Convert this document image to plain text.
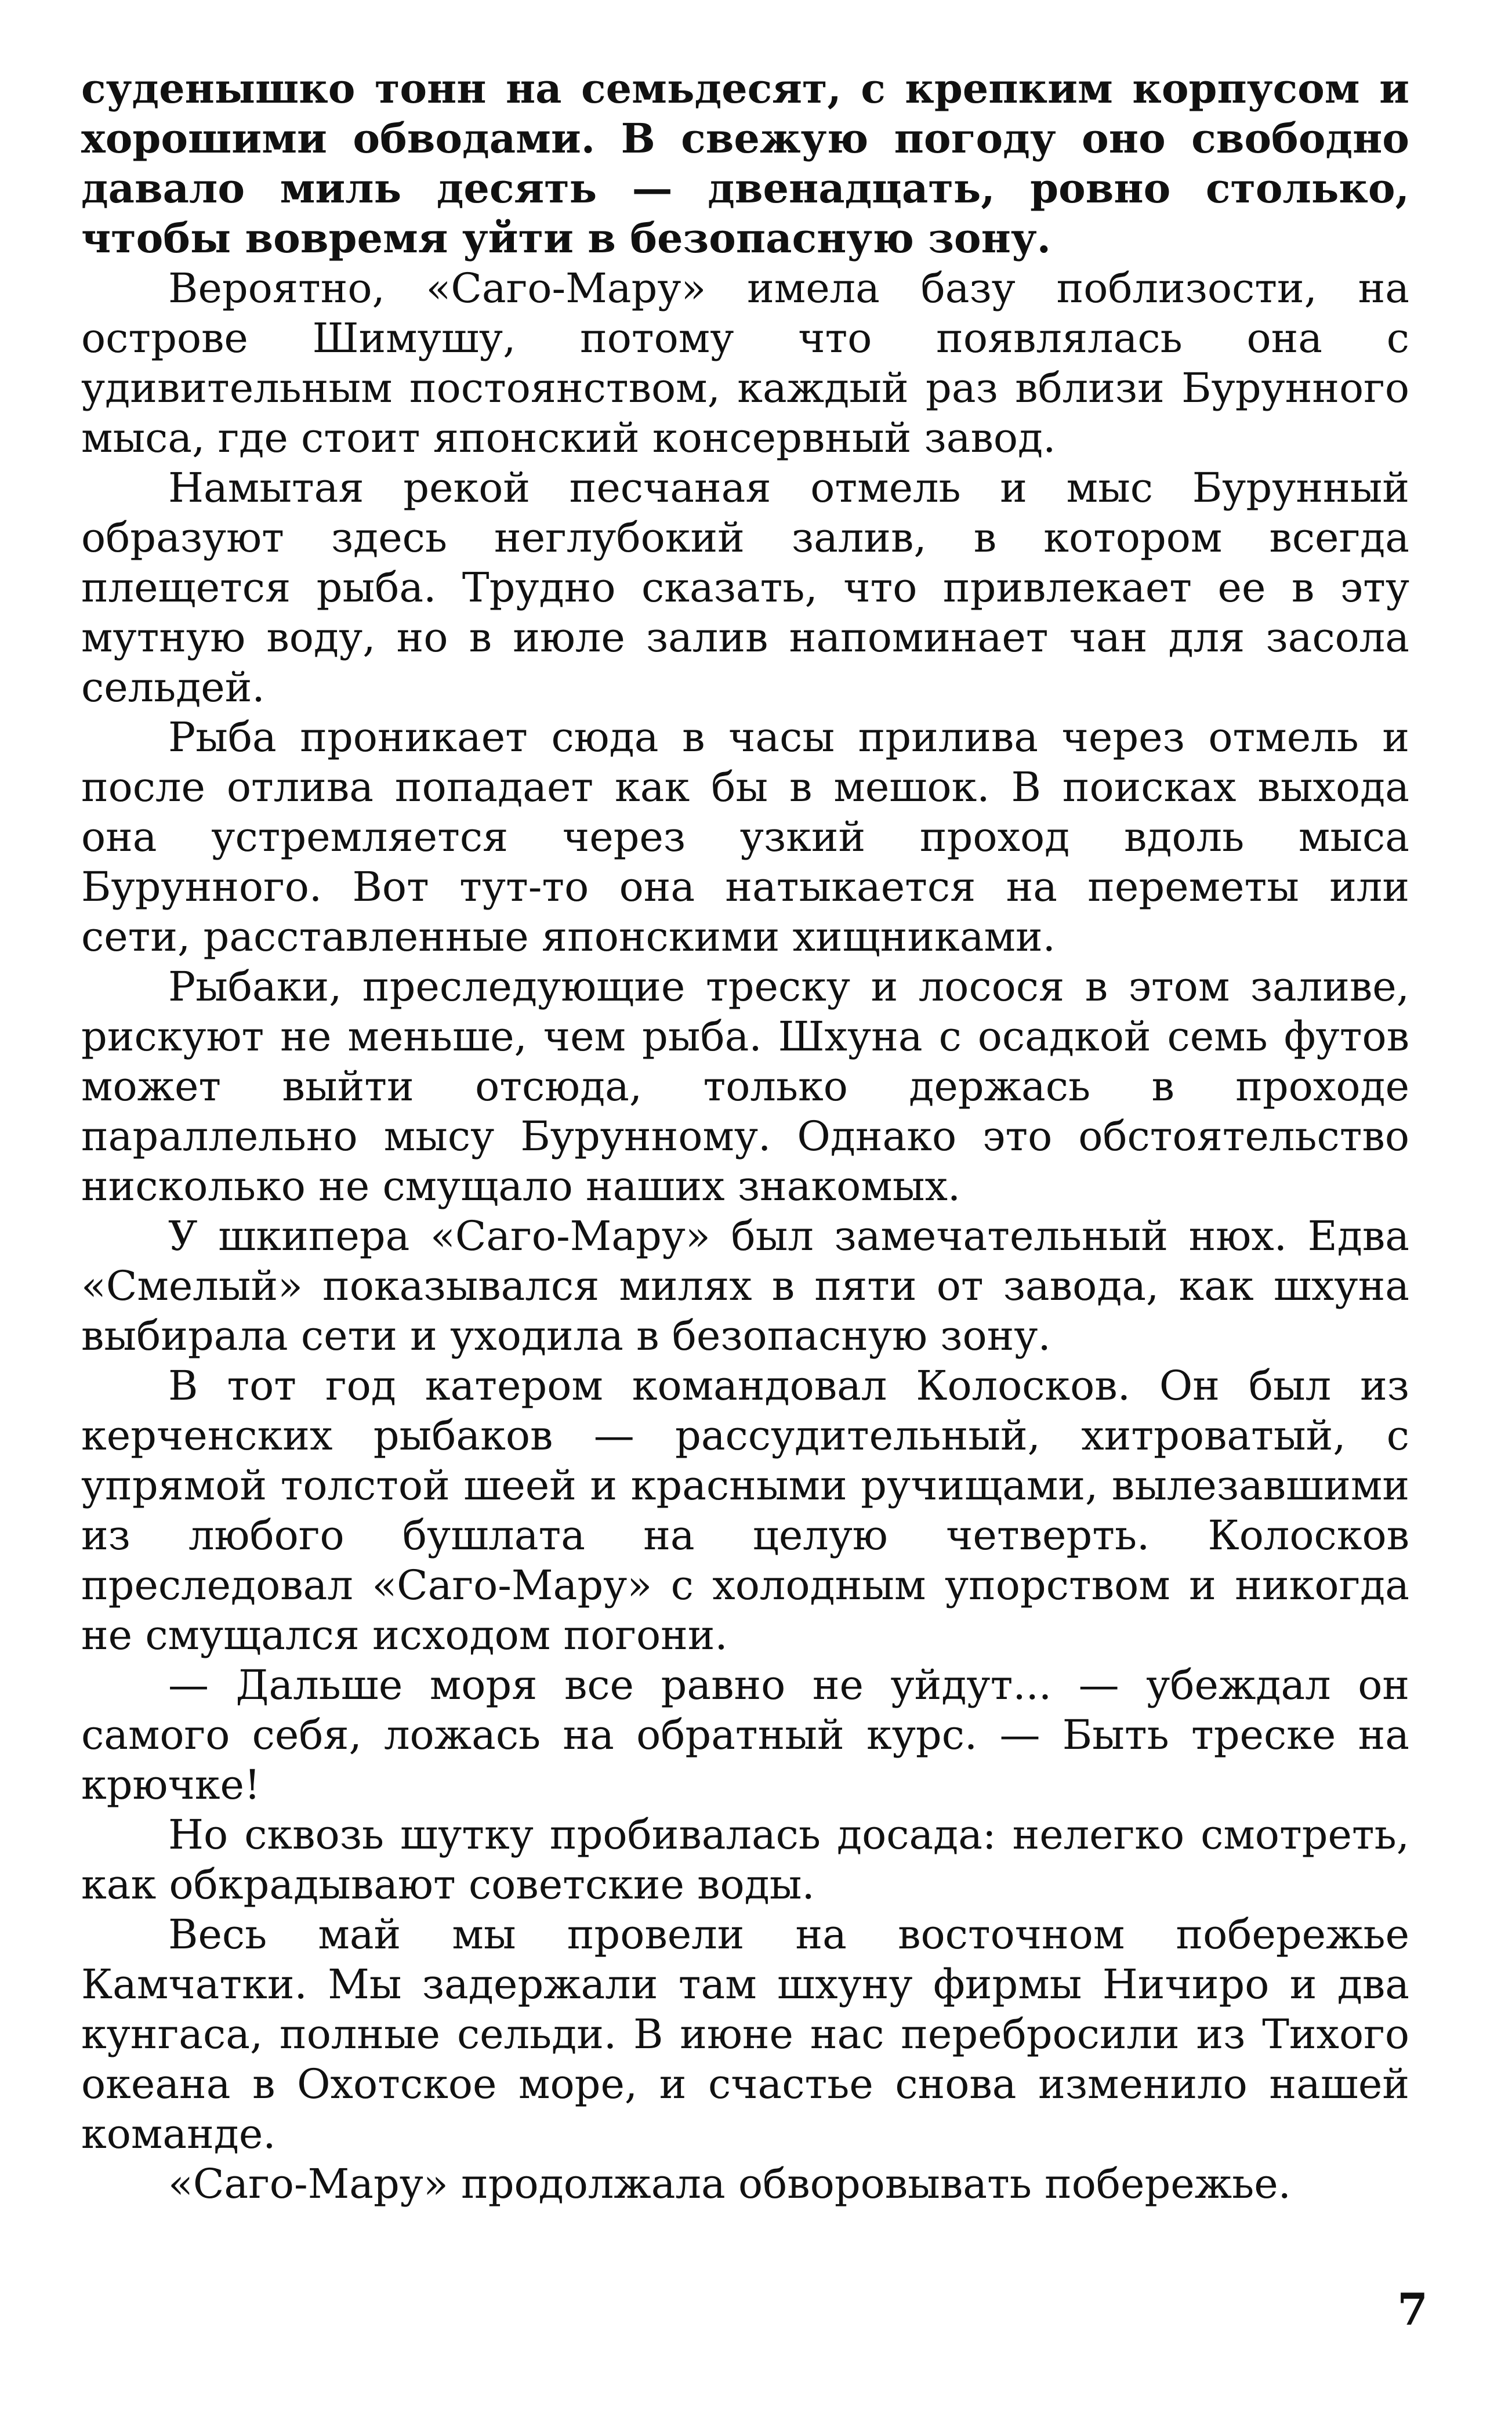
суденышко тонн на семьдесят, с крепким корпусом и хорошими обводами. В свежую погоду оно свободно давало миль десять — двенадцать, ровно столько, чтобы вовремя уйти в безопасную зону.

Вероятно, «Саго-Мару» имела базу поблизости, на острове Шимушу, потому что появлялась она с удивительным постоянством, каждый раз вблизи Бурунного мыса, где стоит японский консервный завод.

Намытая рекой песчаная отмель и мыс Бурунный образуют здесь неглубокий залив, в котором всегда плещется рыба. Трудно сказать, что привлекает ее в эту мутную воду, но в июле залив напоминает чан для засола сельдей.

Рыба проникает сюда в часы прилива через отмель и после отлива попадает как бы в мешок. В поисках выхода она устремляется через узкий проход вдоль мыса Бурунного. Вот тут-то она натыкается на переметы или сети, расставленные японскими хищниками.

Рыбаки, преследующие треску и лосося в этом заливе, рискуют не меньше, чем рыба. Шхуна с осадкой семь футов может выйти отсюда, только держась в проходе параллельно мысу Бурунному. Однако это обстоятельство нисколько не смущало наших знакомых.

У шкипера «Саго-Мару» был замечательный нюх. Едва «Смелый» показывался милях в пяти от завода, как шхуна выбирала сети и уходила в безопасную зону.

В тот год катером командовал Колосков. Он был из керченских рыбаков — рассудительный, хитроватый, с упрямой толстой шеей и красными ручищами, вылезавшими из любого бушлата на целую четверть. Колосков преследовал «Саго-Мару» с холодным упорством и никогда не смущался исходом погони.

— Дальше моря все равно не уйдут... — убеждал он самого себя, ложась на обратный курс. — Быть треске на крючке!

Но сквозь шутку пробивалась досада: нелегко смотреть, как обкрадывают советские воды.

Весь май мы провели на восточном побережье Камчатки. Мы задержали там шхуну фирмы Ничиро и два кунгаса, полные сельди. В июне нас перебросили из Тихого океана в Охотское море, и счастье снова изменило нашей команде.

«Саго-Мару» продолжала обворовывать побережье.

7
